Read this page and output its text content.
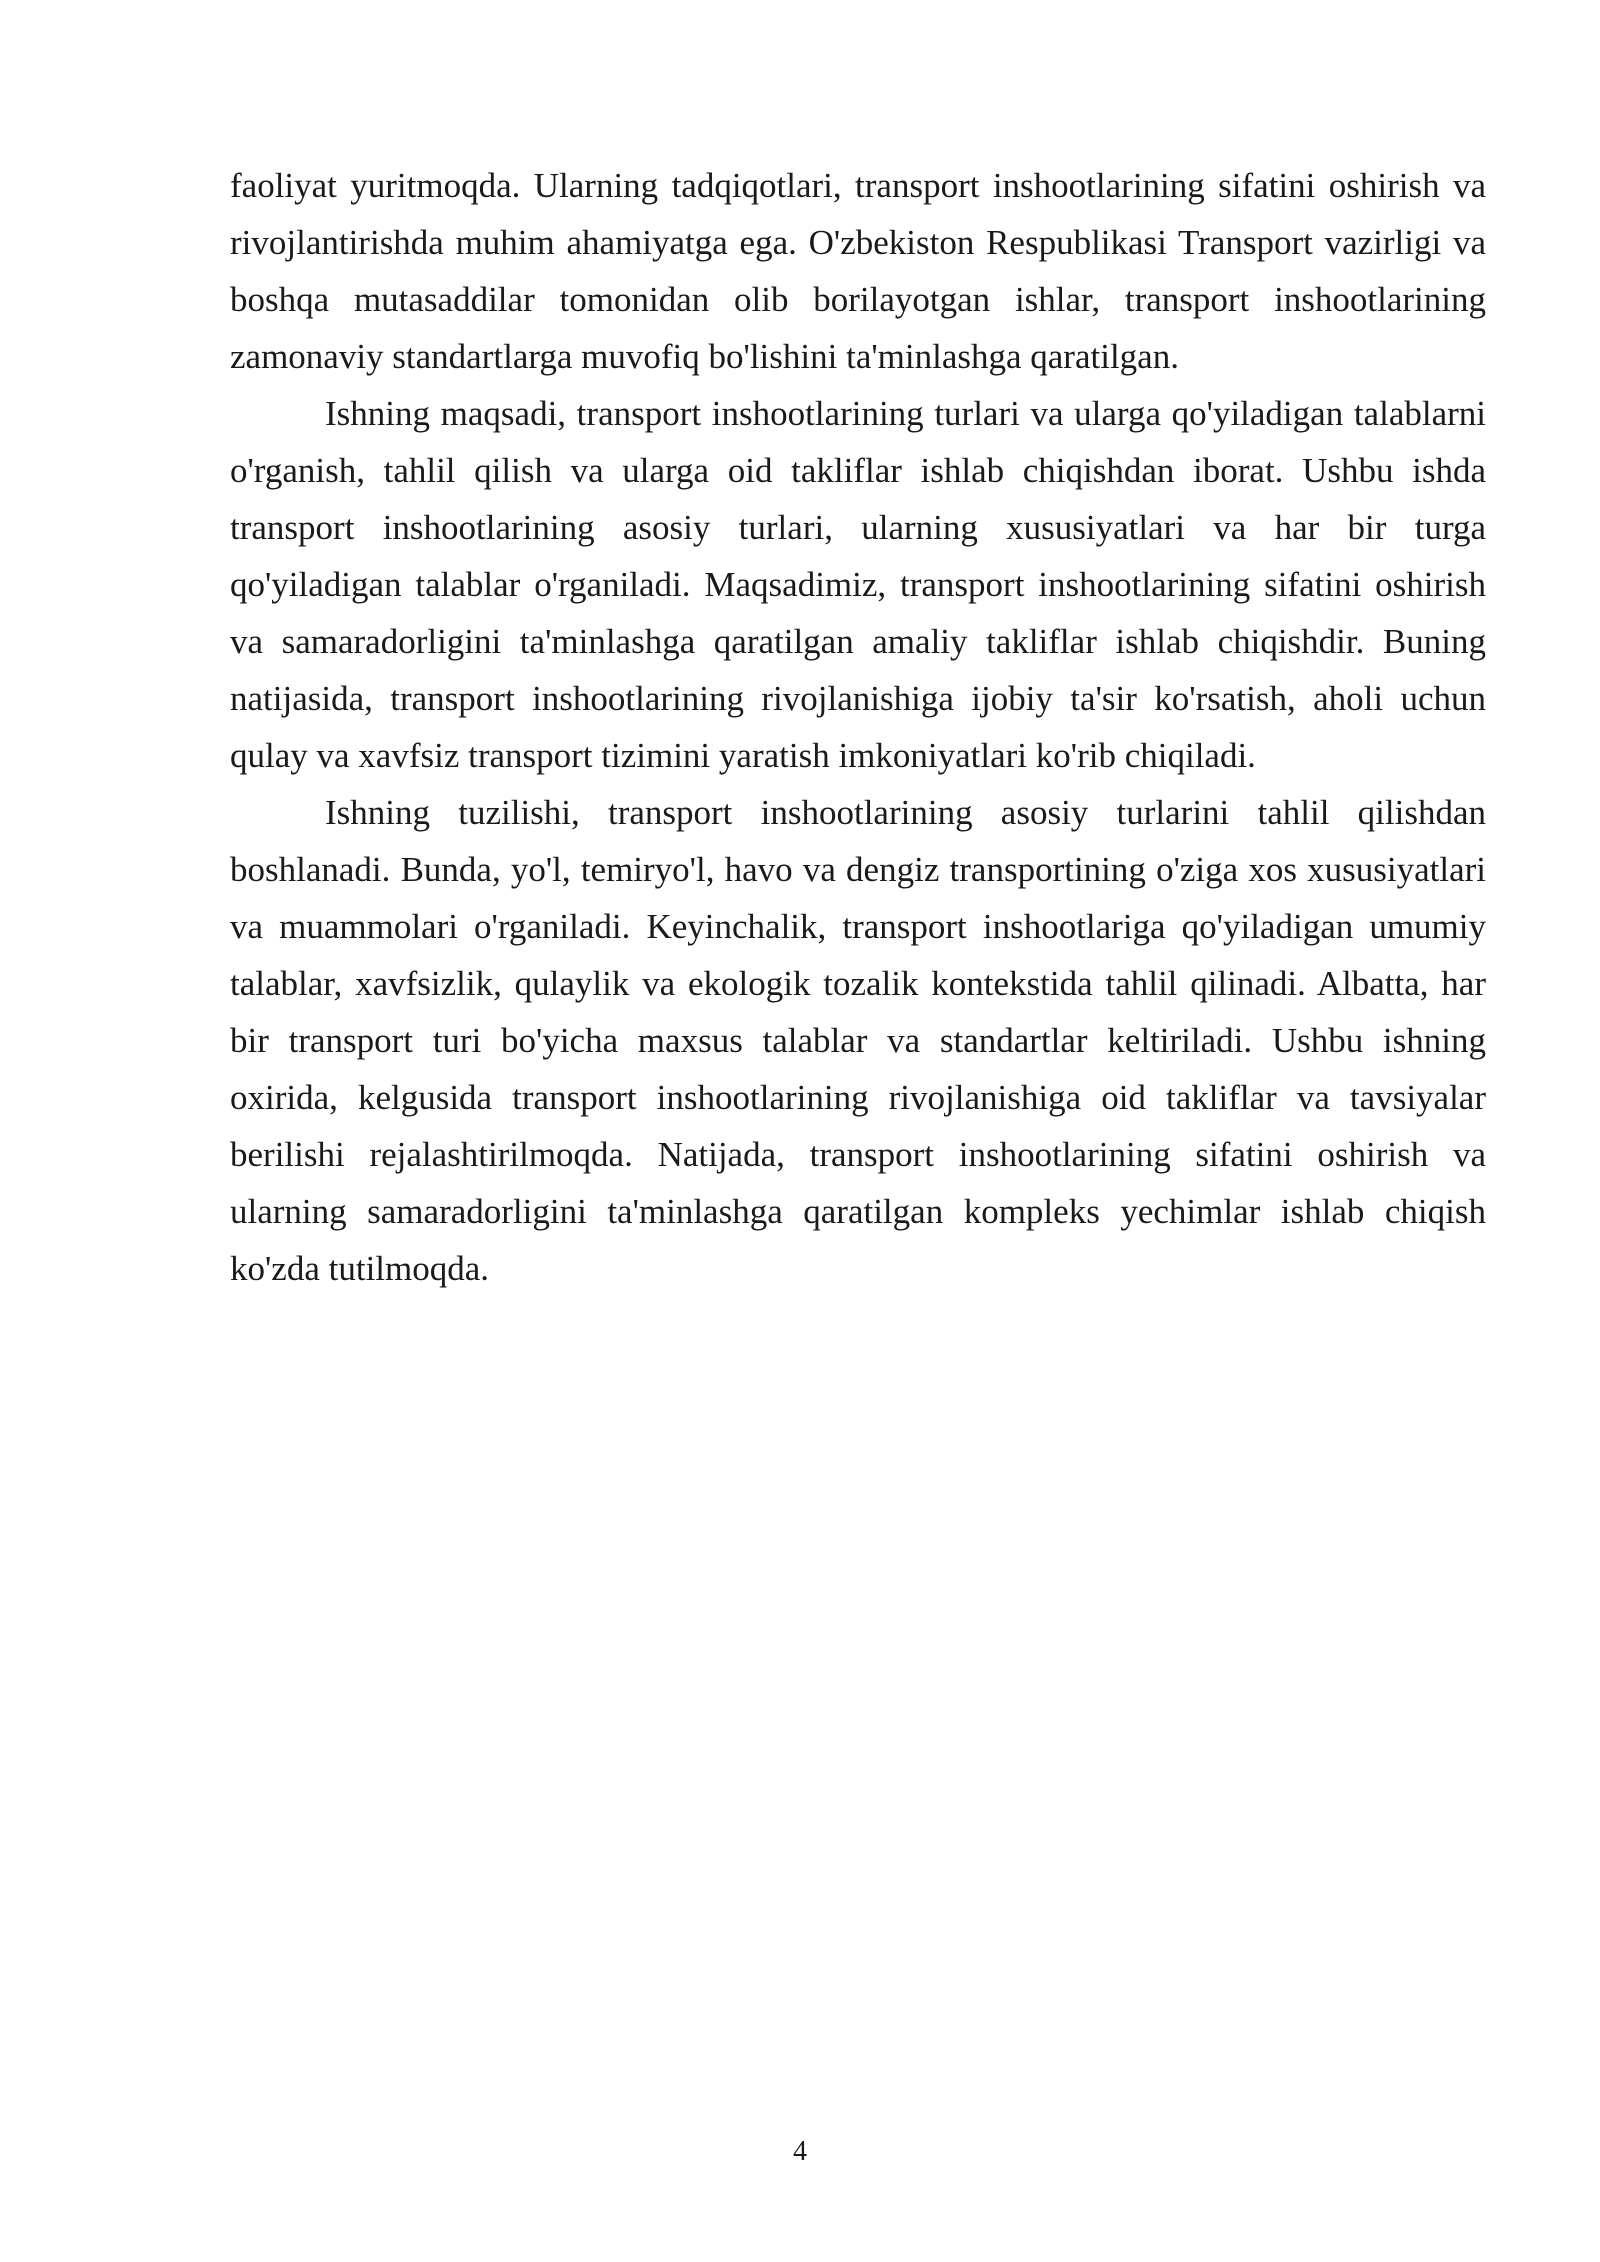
faoliyat yuritmoqda. Ularning tadqiqotlari, transport inshootlarining sifatini oshirish va rivojlantirishda muhim ahamiyatga ega. O'zbekiston Respublikasi Transport vazirligi va boshqa mutasaddilar tomonidan olib borilayotgan ishlar, transport inshootlarining zamonaviy standartlarga muvofiq bo'lishini ta'minlashga qaratilgan.

Ishning maqsadi, transport inshootlarining turlari va ularga qo'yiladigan talablarni o'rganish, tahlil qilish va ularga oid takliflar ishlab chiqishdan iborat. Ushbu ishda transport inshootlarining asosiy turlari, ularning xususiyatlari va har bir turga qo'yiladigan talablar o'rganiladi. Maqsadimiz, transport inshootlarining sifatini oshirish va samaradorligini ta'minlashga qaratilgan amaliy takliflar ishlab chiqishdir. Buning natijasida, transport inshootlarining rivojlanishiga ijobiy ta'sir ko'rsatish, aholi uchun qulay va xavfsiz transport tizimini yaratish imkoniyatlari ko'rib chiqiladi.

Ishning tuzilishi, transport inshootlarining asosiy turlarini tahlil qilishdan boshlanadi. Bunda, yo'l, temiryo'l, havo va dengiz transportining o'ziga xos xususiyatlari va muammolari o'rganiladi. Keyinchalik, transport inshootlariga qo'yiladigan umumiy talablar, xavfsizlik, qulaylik va ekologik tozalik kontekstida tahlil qilinadi. Albatta, har bir transport turi bo'yicha maxsus talablar va standartlar keltiriladi. Ushbu ishning oxirida, kelgusida transport inshootlarining rivojlanishiga oid takliflar va tavsiyalar berilishi rejalashtirilmoqda. Natijada, transport inshootlarining sifatini oshirish va ularning samaradorligini ta'minlashga qaratilgan kompleks yechimlar ishlab chiqish ko'zda tutilmoqda.

4
